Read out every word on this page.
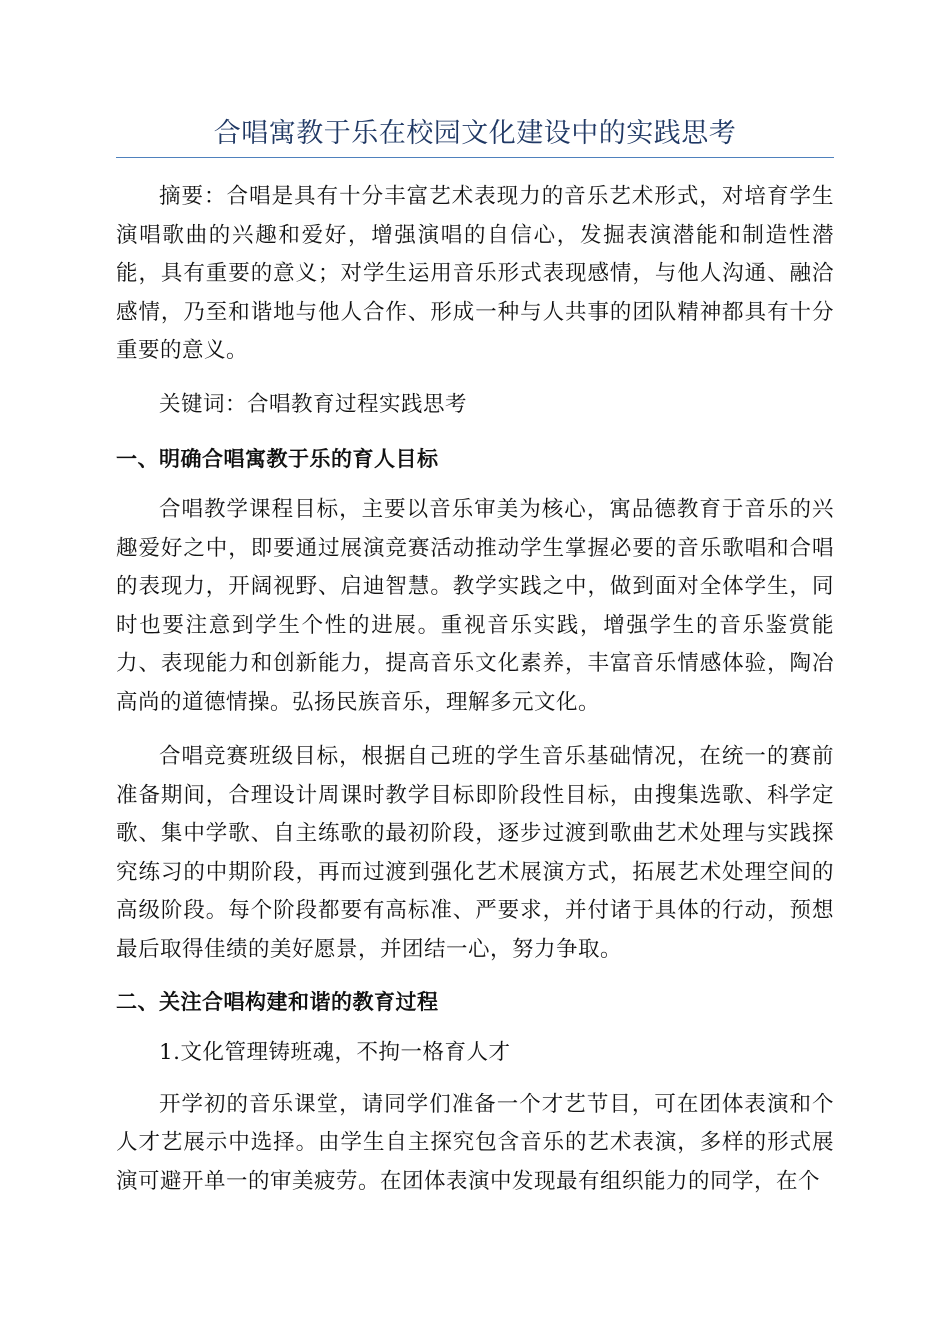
合唱寓教于乐在校园文化建设中的实践思考

摘要：合唱是具有十分丰富艺术表现力的音乐艺术形式，对培育学生演唱歌曲的兴趣和爱好，增强演唱的自信心，发掘表演潜能和制造性潜能，具有重要的意义；对学生运用音乐形式表现感情，与他人沟通、融洽感情，乃至和谐地与他人合作、形成一种与人共事的团队精神都具有十分重要的意义。

关键词：合唱教育过程实践思考

一、明确合唱寓教于乐的育人目标

合唱教学课程目标，主要以音乐审美为核心，寓品德教育于音乐的兴趣爱好之中，即要通过展演竞赛活动推动学生掌握必要的音乐歌唱和合唱的表现力，开阔视野、启迪智慧。教学实践之中，做到面对全体学生，同时也要注意到学生个性的进展。重视音乐实践，增强学生的音乐鉴赏能力、表现能力和创新能力，提高音乐文化素养，丰富音乐情感体验，陶冶高尚的道德情操。弘扬民族音乐，理解多元文化。

合唱竞赛班级目标，根据自己班的学生音乐基础情况，在统一的赛前准备期间，合理设计周课时教学目标即阶段性目标，由搜集选歌、科学定歌、集中学歌、自主练歌的最初阶段，逐步过渡到歌曲艺术处理与实践探究练习的中期阶段，再而过渡到强化艺术展演方式，拓展艺术处理空间的高级阶段。每个阶段都要有高标准、严要求，并付诸于具体的行动，预想最后取得佳绩的美好愿景，并团结一心，努力争取。

二、关注合唱构建和谐的教育过程

1.文化管理铸班魂，不拘一格育人才

开学初的音乐课堂，请同学们准备一个才艺节目，可在团体表演和个人才艺展示中选择。由学生自主探究包含音乐的艺术表演，多样的形式展演可避开单一的审美疲劳。在团体表演中发现最有组织能力的同学，在个
